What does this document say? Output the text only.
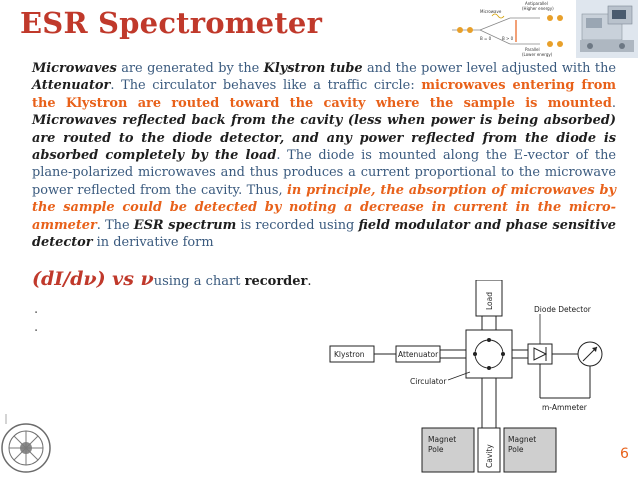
ESR Spectrometer
Antiparallel
(Higher energy)
Microwave
B = 0	B > 0
Parallel
(Lower energy)
Microwaves are generated by the Klystron tube and the power level adjusted with the Attenuator. The circulator behaves like a traffic circle: microwaves entering from the Klystron are routed toward the cavity where the sample is mounted. Microwaves reflected back from the cavity (less when power is being absorbed) are routed to the diode detector, and any power reflected from the diode is absorbed completely by the load. The diode is mounted along the E-vector of the plane-polarized microwaves and thus produces a current proportional to the microwave power reflected from the cavity. Thus, in principle, the absorption of microwaves by the sample could be detected by noting a decrease in current in the micro-ammeter. The ESR spectrum is recorded using field modulator and phase sensitive detector in derivative form
(dI/dν) vs νusing a chart recorder.
.
.
Klystron	Attenuator
Load	Diode Detector
m-Ammeter
Circulator
Magnet
Pole	Cavity
Magnet
Pole	6
